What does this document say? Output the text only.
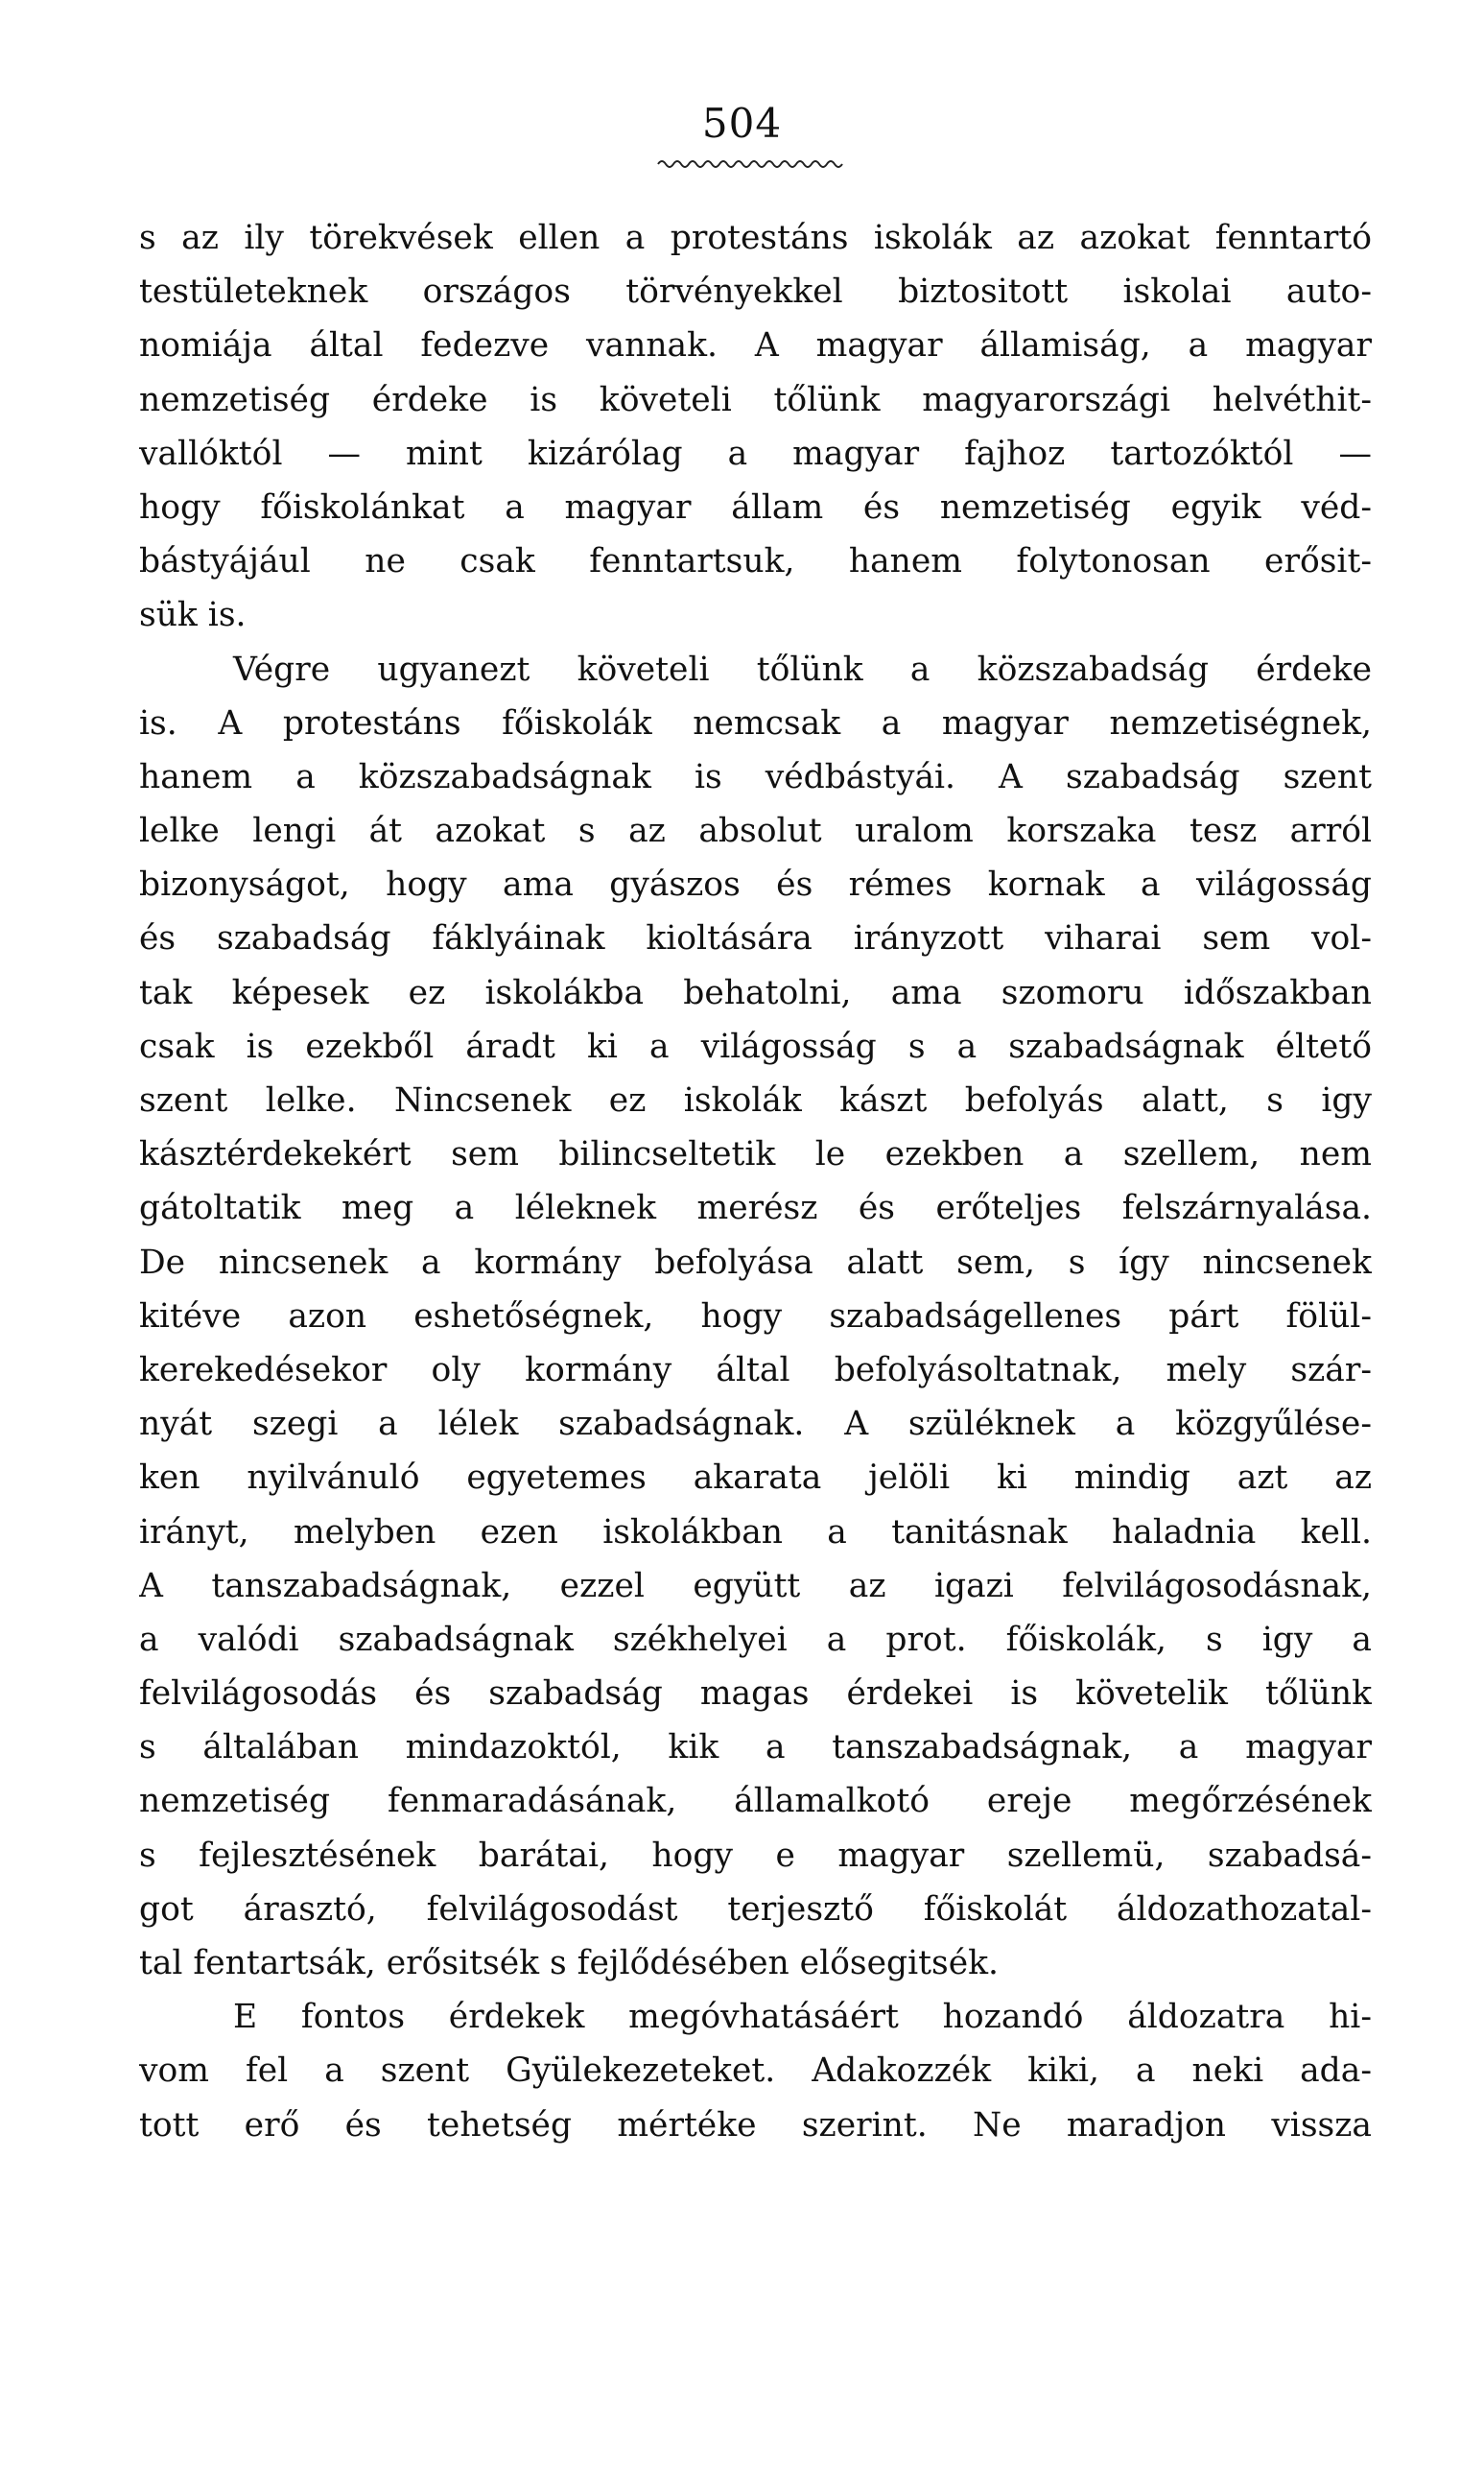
504
s az ily törekvések ellen a protestáns iskolák az azokat fenntartó
testületeknek országos törvényekkel biztositott iskolai auto-
nomiája által fedezve vannak. A magyar államiság, a magyar
nemzetiség érdeke is követeli tőlünk magyarországi helvéthit-
vallóktól — mint kizárólag a magyar fajhoz tartozóktól —
hogy főiskolánkat a magyar állam és nemzetiség egyik véd-
bástyájául ne csak fenntartsuk, hanem folytonosan erősit-
sük is.
Végre ugyanezt követeli tőlünk a közszabadság érdeke
is. A protestáns főiskolák nemcsak a magyar nemzetiségnek,
hanem a közszabadságnak is védbástyái. A szabadság szent
lelke lengi át azokat s az absolut uralom korszaka tesz arról
bizonyságot, hogy ama gyászos és rémes kornak a világosság
és szabadság fáklyáinak kioltására irányzott viharai sem vol-
tak képesek ez iskolákba behatolni, ama szomoru időszakban
csak is ezekből áradt ki a világosság s a szabadságnak éltető
szent lelke. Nincsenek ez iskolák kászt befolyás alatt, s igy
kásztérdekekért sem bilincseltetik le ezekben a szellem, nem
gátoltatik meg a léleknek merész és erőteljes felszárnyalása.
De nincsenek a kormány befolyása alatt sem, s így nincsenek
kitéve azon eshetőségnek, hogy szabadságellenes párt fölül-
kerekedésekor oly kormány által befolyásoltatnak, mely szár-
nyát szegi a lélek szabadságnak. A szüléknek a közgyűlése-
ken nyilvánuló egyetemes akarata jelöli ki mindig azt az
irányt, melyben ezen iskolákban a tanitásnak haladnia kell.
A tanszabadságnak, ezzel együtt az igazi felvilágosodásnak,
a valódi szabadságnak székhelyei a prot. főiskolák, s igy a
felvilágosodás és szabadság magas érdekei is követelik tőlünk
s általában mindazoktól, kik a tanszabadságnak, a magyar
nemzetiség fenmaradásának, államalkotó ereje megőrzésének
s fejlesztésének barátai, hogy e magyar szellemü, szabadsá-
got árasztó, felvilágosodást terjesztő főiskolát áldozathozatal-
tal fentartsák, erősitsék s fejlődésében elősegitsék.
E fontos érdekek megóvhatásáért hozandó áldozatra hi-
vom fel a szent Gyülekezeteket. Adakozzék kiki, a neki ada-
tott erő és tehetség mértéke szerint. Ne maradjon vissza
